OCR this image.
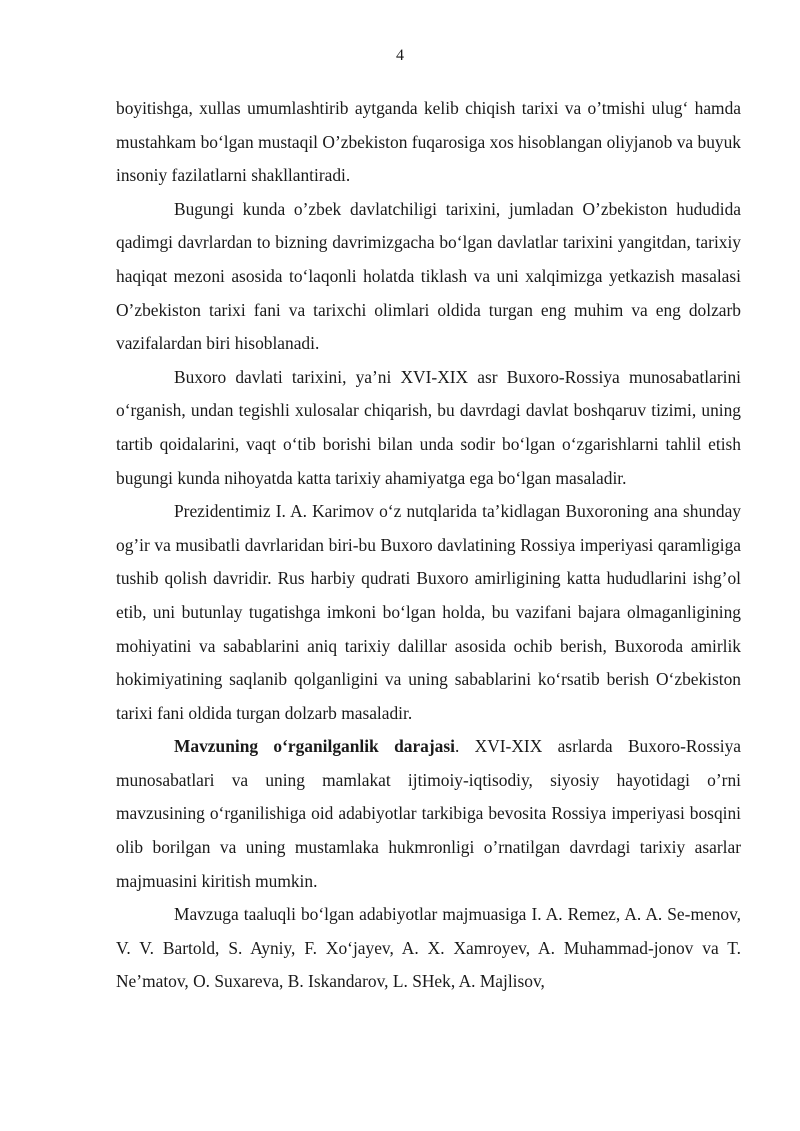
4

boyitishga, xullas umumlashtirib aytganda kelib chiqish tarixi va o’tmishi ulug‘ hamda mustahkam bo‘lgan mustaqil O’zbekiston fuqarosiga xos hisoblangan oliyjanob va buyuk insoniy fazilatlarni shakllantiradi.

Bugungi kunda o’zbek davlatchiligi tarixini, jumladan O’zbekiston hududida qadimgi davrlardan to bizning davrimizgacha bo‘lgan davlatlar tarixini yangitdan, tarixiy haqiqat mezoni asosida to‘laqonli holatda tiklash va uni xalqimizga yetkazish masalasi O’zbekiston tarixi fani va tarixchi olimlari oldida turgan eng muhim va eng dolzarb vazifalardan biri hisoblanadi.

Buxoro davlati tarixini, ya’ni XVI-XIX asr Buxoro-Rossiya munosabatlarini o‘rganish, undan tegishli xulosalar chiqarish, bu davrdagi davlat boshqaruv tizimi, uning tartib qoidalarini, vaqt o‘tib borishi bilan unda sodir bo‘lgan o‘zgarishlarni tahlil etish bugungi kunda nihoyatda katta tarixiy ahamiyatga ega bo‘lgan masaladir.

Prezidentimiz I. A. Karimov o‘z nutqlarida ta’kidlagan Buxoroning ana shunday og’ir va musibatli davrlaridan biri-bu Buxoro davlatining Rossiya imperiyasi qaramligiga tushib qolish davridir. Rus harbiy qudrati Buxoro amirligining katta hududlarini ishg’ol etib, uni butunlay tugatishga imkoni bo‘lgan holda, bu vazifani bajara olmaganligining mohiyatini va sabablarini aniq tarixiy dalillar asosida ochib berish, Buxoroda amirlik hokimiyatining saqlanib qolganligini va uning sabablarini ko‘rsatib berish O‘zbekiston tarixi fani oldida turgan dolzarb masaladir.

Mavzuning o‘rganilganlik darajasi. XVI-XIX asrlarda Buxoro-Rossiya munosabatlari va uning mamlakat ijtimoiy-iqtisodiy, siyosiy hayotidagi o’rni mavzusining o‘rganilishiga oid adabiyotlar tarkibiga bevosita Rossiya imperiyasi bosqini olib borilgan va uning mustamlaka hukmronligi o’rnatilgan davrdagi tarixiy asarlar majmuasini kiritish mumkin.

Mavzuga taaluqli bo‘lgan adabiyotlar majmuasiga I. A. Remez, A. A. Se-menov, V. V. Bartold, S. Ayniy, F. Xo‘jayev, A. X. Xamroyev, A. Muhammad-jonov va T. Ne’matov, O. Suxareva, B. Iskandarov, L. SHek, A. Majlisov,
